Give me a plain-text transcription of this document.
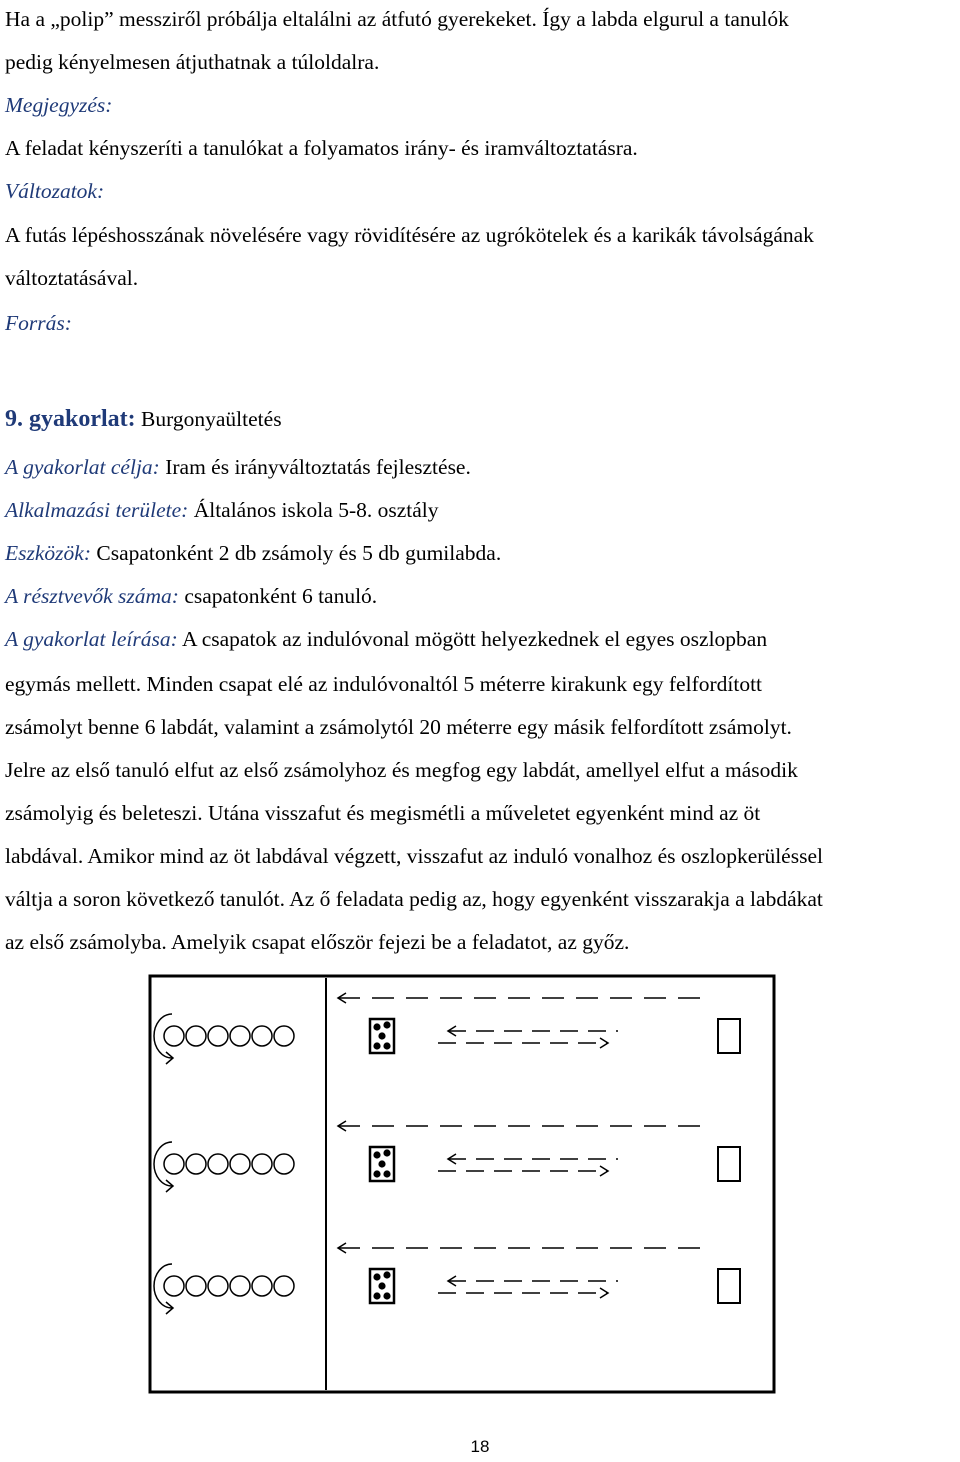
Ha a „polip” messziről próbálja eltalálni az átfutó gyerekeket. Így a labda elgurul a tanulók
pedig kényelmesen átjuthatnak a túloldalra.
Megjegyzés:
A feladat kényszeríti a tanulókat a folyamatos irány- és iramváltoztatásra.
Változatok:
A futás lépéshosszának növelésére vagy rövidítésére az ugrókötelek és a karikák távolságának
változtatásával.
Forrás:
9. gyakorlat: Burgonyaültetés
A gyakorlat célja: Iram és irányváltoztatás fejlesztése.
Alkalmazási területe: Általános iskola 5-8. osztály
Eszközök: Csapatonként 2 db zsámoly és 5 db gumilabda.
A résztvevők száma: csapatonként 6 tanuló.
A gyakorlat leírása: A csapatok az indulóvonal mögött helyezkednek el egyes oszlopban
egymás mellett. Minden csapat elé az indulóvonaltól 5 méterre kirakunk egy felfordított
zsámolyt benne 6 labdát, valamint a zsámolytól 20 méterre egy másik felfordított zsámolyt.
Jelre az első tanuló elfut az első zsámolyhoz és megfog egy labdát, amellyel elfut a második
zsámolyig és beleteszi. Utána visszafut és megismétli a műveletet egyenként mind az öt
labdával. Amikor mind az öt labdával végzett, visszafut az induló vonalhoz és oszlopkerüléssel
váltja a soron következő tanulót. Az ő feladata pedig az, hogy egyenként visszarakja a labdákat
az első zsámolyba. Amelyik csapat először fejezi be a feladatot, az győz.
18
